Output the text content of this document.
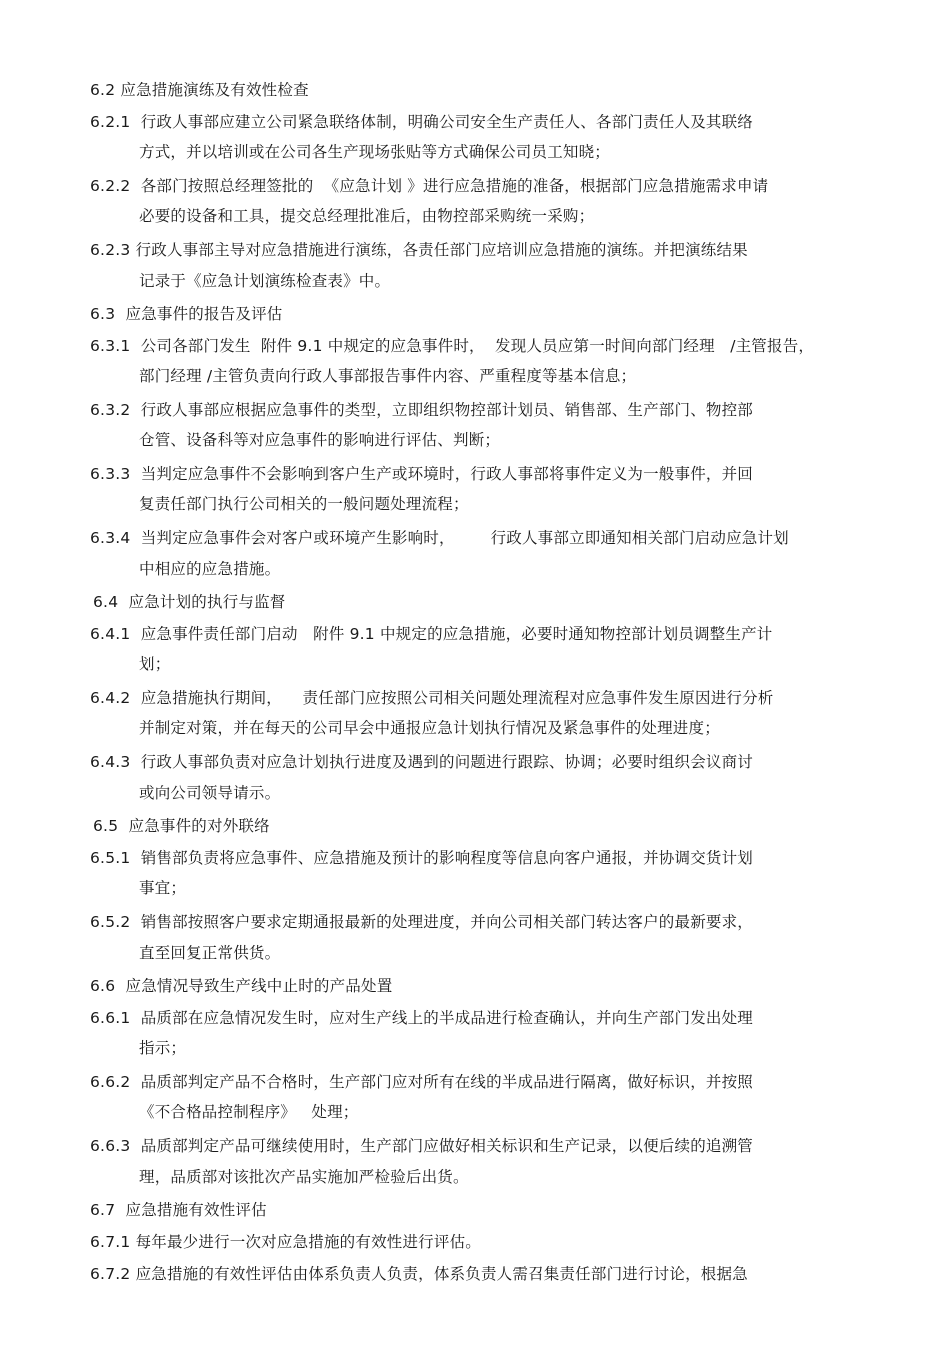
6.2 应急措施演练及有效性检查
6.2.1  行政人事部应建立公司紧急联络体制，明确公司安全生产责任人、各部门责任人及其联络
方式，并以培训或在公司各生产现场张贴等方式确保公司员工知晓；
6.2.2  各部门按照总经理签批的  《应急计划 》进行应急措施的准备，根据部门应急措施需求申请
必要的设备和工具，提交总经理批准后，由物控部采购统一采购；
6.2.3 行政人事部主导对应急措施进行演练，各责任部门应培训应急措施的演练。并把演练结果
记录于《应急计划演练检查表》中。
6.3  应急事件的报告及评估
6.3.1  公司各部门发生  附件 9.1 中规定的应急事件时，  发现人员应第一时间向部门经理   /主管报告，
部门经理 /主管负责向行政人事部报告事件内容、严重程度等基本信息；
6.3.2  行政人事部应根据应急事件的类型，立即组织物控部计划员、销售部、生产部门、物控部
仓管、设备科等对应急事件的影响进行评估、判断；
6.3.3  当判定应急事件不会影响到客户生产或环境时，行政人事部将事件定义为一般事件，并回
复责任部门执行公司相关的一般问题处理流程；
6.3.4  当判定应急事件会对客户或环境产生影响时，       行政人事部立即通知相关部门启动应急计划
中相应的应急措施。
6.4  应急计划的执行与监督
6.4.1  应急事件责任部门启动   附件 9.1 中规定的应急措施，必要时通知物控部计划员调整生产计
划；
6.4.2  应急措施执行期间，    责任部门应按照公司相关问题处理流程对应急事件发生原因进行分析
并制定对策，并在每天的公司早会中通报应急计划执行情况及紧急事件的处理进度；
6.4.3  行政人事部负责对应急计划执行进度及遇到的问题进行跟踪、协调；必要时组织会议商讨
或向公司领导请示。
6.5  应急事件的对外联络
6.5.1  销售部负责将应急事件、应急措施及预计的影响程度等信息向客户通报，并协调交货计划
事宜；
6.5.2  销售部按照客户要求定期通报最新的处理进度，并向公司相关部门转达客户的最新要求，
直至回复正常供货。
6.6  应急情况导致生产线中止时的产品处置
6.6.1  品质部在应急情况发生时，应对生产线上的半成品进行检查确认，并向生产部门发出处理
指示；
6.6.2  品质部判定产品不合格时，生产部门应对所有在线的半成品进行隔离，做好标识，并按照
《不合格品控制程序》   处理；
6.6.3  品质部判定产品可继续使用时，生产部门应做好相关标识和生产记录，以便后续的追溯管
理，品质部对该批次产品实施加严检验后出货。
6.7  应急措施有效性评估
6.7.1 每年最少进行一次对应急措施的有效性进行评估。
6.7.2 应急措施的有效性评估由体系负责人负责，体系负责人需召集责任部门进行讨论，根据急
